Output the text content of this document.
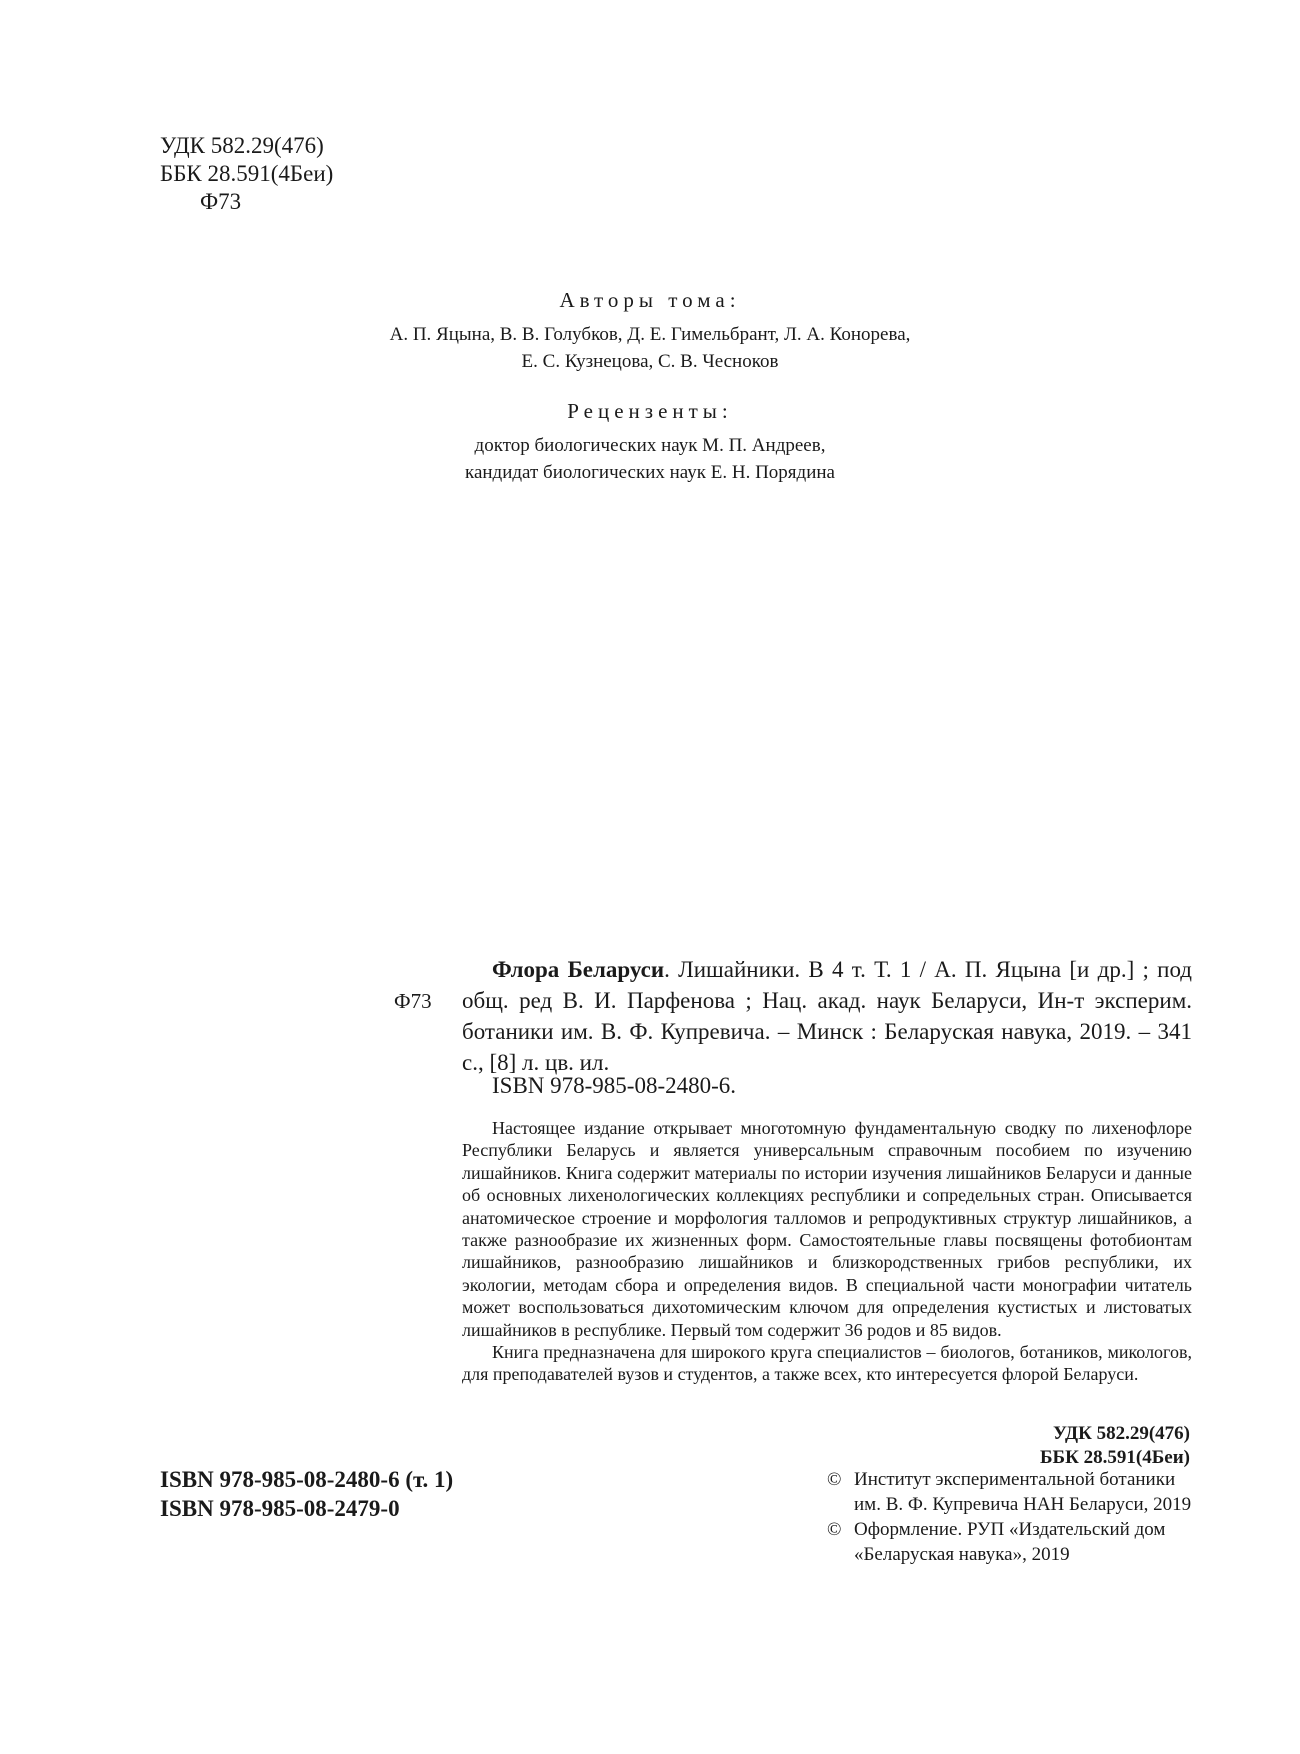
УДК 582.29(476)
ББК 28.591(4Беи)
Ф73
Авторы тома:
А. П. Яцына, В. В. Голубков, Д. Е. Гимельбрант, Л. А. Конорева,
Е. С. Кузнецова, С. В. Чесноков
Рецензенты:
доктор биологических наук М. П. Андреев,
кандидат биологических наук Е. Н. Порядина
Ф73
Флора Беларуси. Лишайники. В 4 т. Т. 1 / А. П. Яцына [и др.] ; под общ. ред В. И. Парфенова ; Нац. акад. наук Беларуси, Ин-т эксперим. ботаники им. В. Ф. Купревича. – Минск : Беларуская навука, 2019. – 341 с., [8] л. цв. ил.
ISBN 978-985-08-2480-6.

Настоящее издание открывает многотомную фундаментальную сводку по лихенофлоре Республики Беларусь и является универсальным справочным пособием по изучению лишайников. Книга содержит материалы по истории изучения лишайников Беларуси и данные об основных лихенологических коллекциях республики и сопредельных стран. Описывается анатомическое строение и морфология талломов и репродуктивных структур лишайников, а также разнообразие их жизненных форм. Самостоятельные главы посвящены фотобионтам лишайников, разнообразию лишайников и близкородственных грибов республики, их экологии, методам сбора и определения видов. В специальной части монографии читатель может воспользоваться дихотомическим ключом для определения кустистых и листоватых лишайников в республике. Первый том содержит 36 родов и 85 видов.

Книга предназначена для широкого круга специалистов – биологов, ботаников, микологов, для преподавателей вузов и студентов, а также всех, кто интересуется флорой Беларуси.

УДК 582.29(476)
ББК 28.591(4Беи)
ISBN 978-985-08-2480-6 (т. 1)
ISBN 978-985-08-2479-0
© Институт экспериментальной ботаники
им. В. Ф. Купревича НАН Беларуси, 2019
© Оформление. РУП «Издательский дом
«Беларуская навука», 2019
